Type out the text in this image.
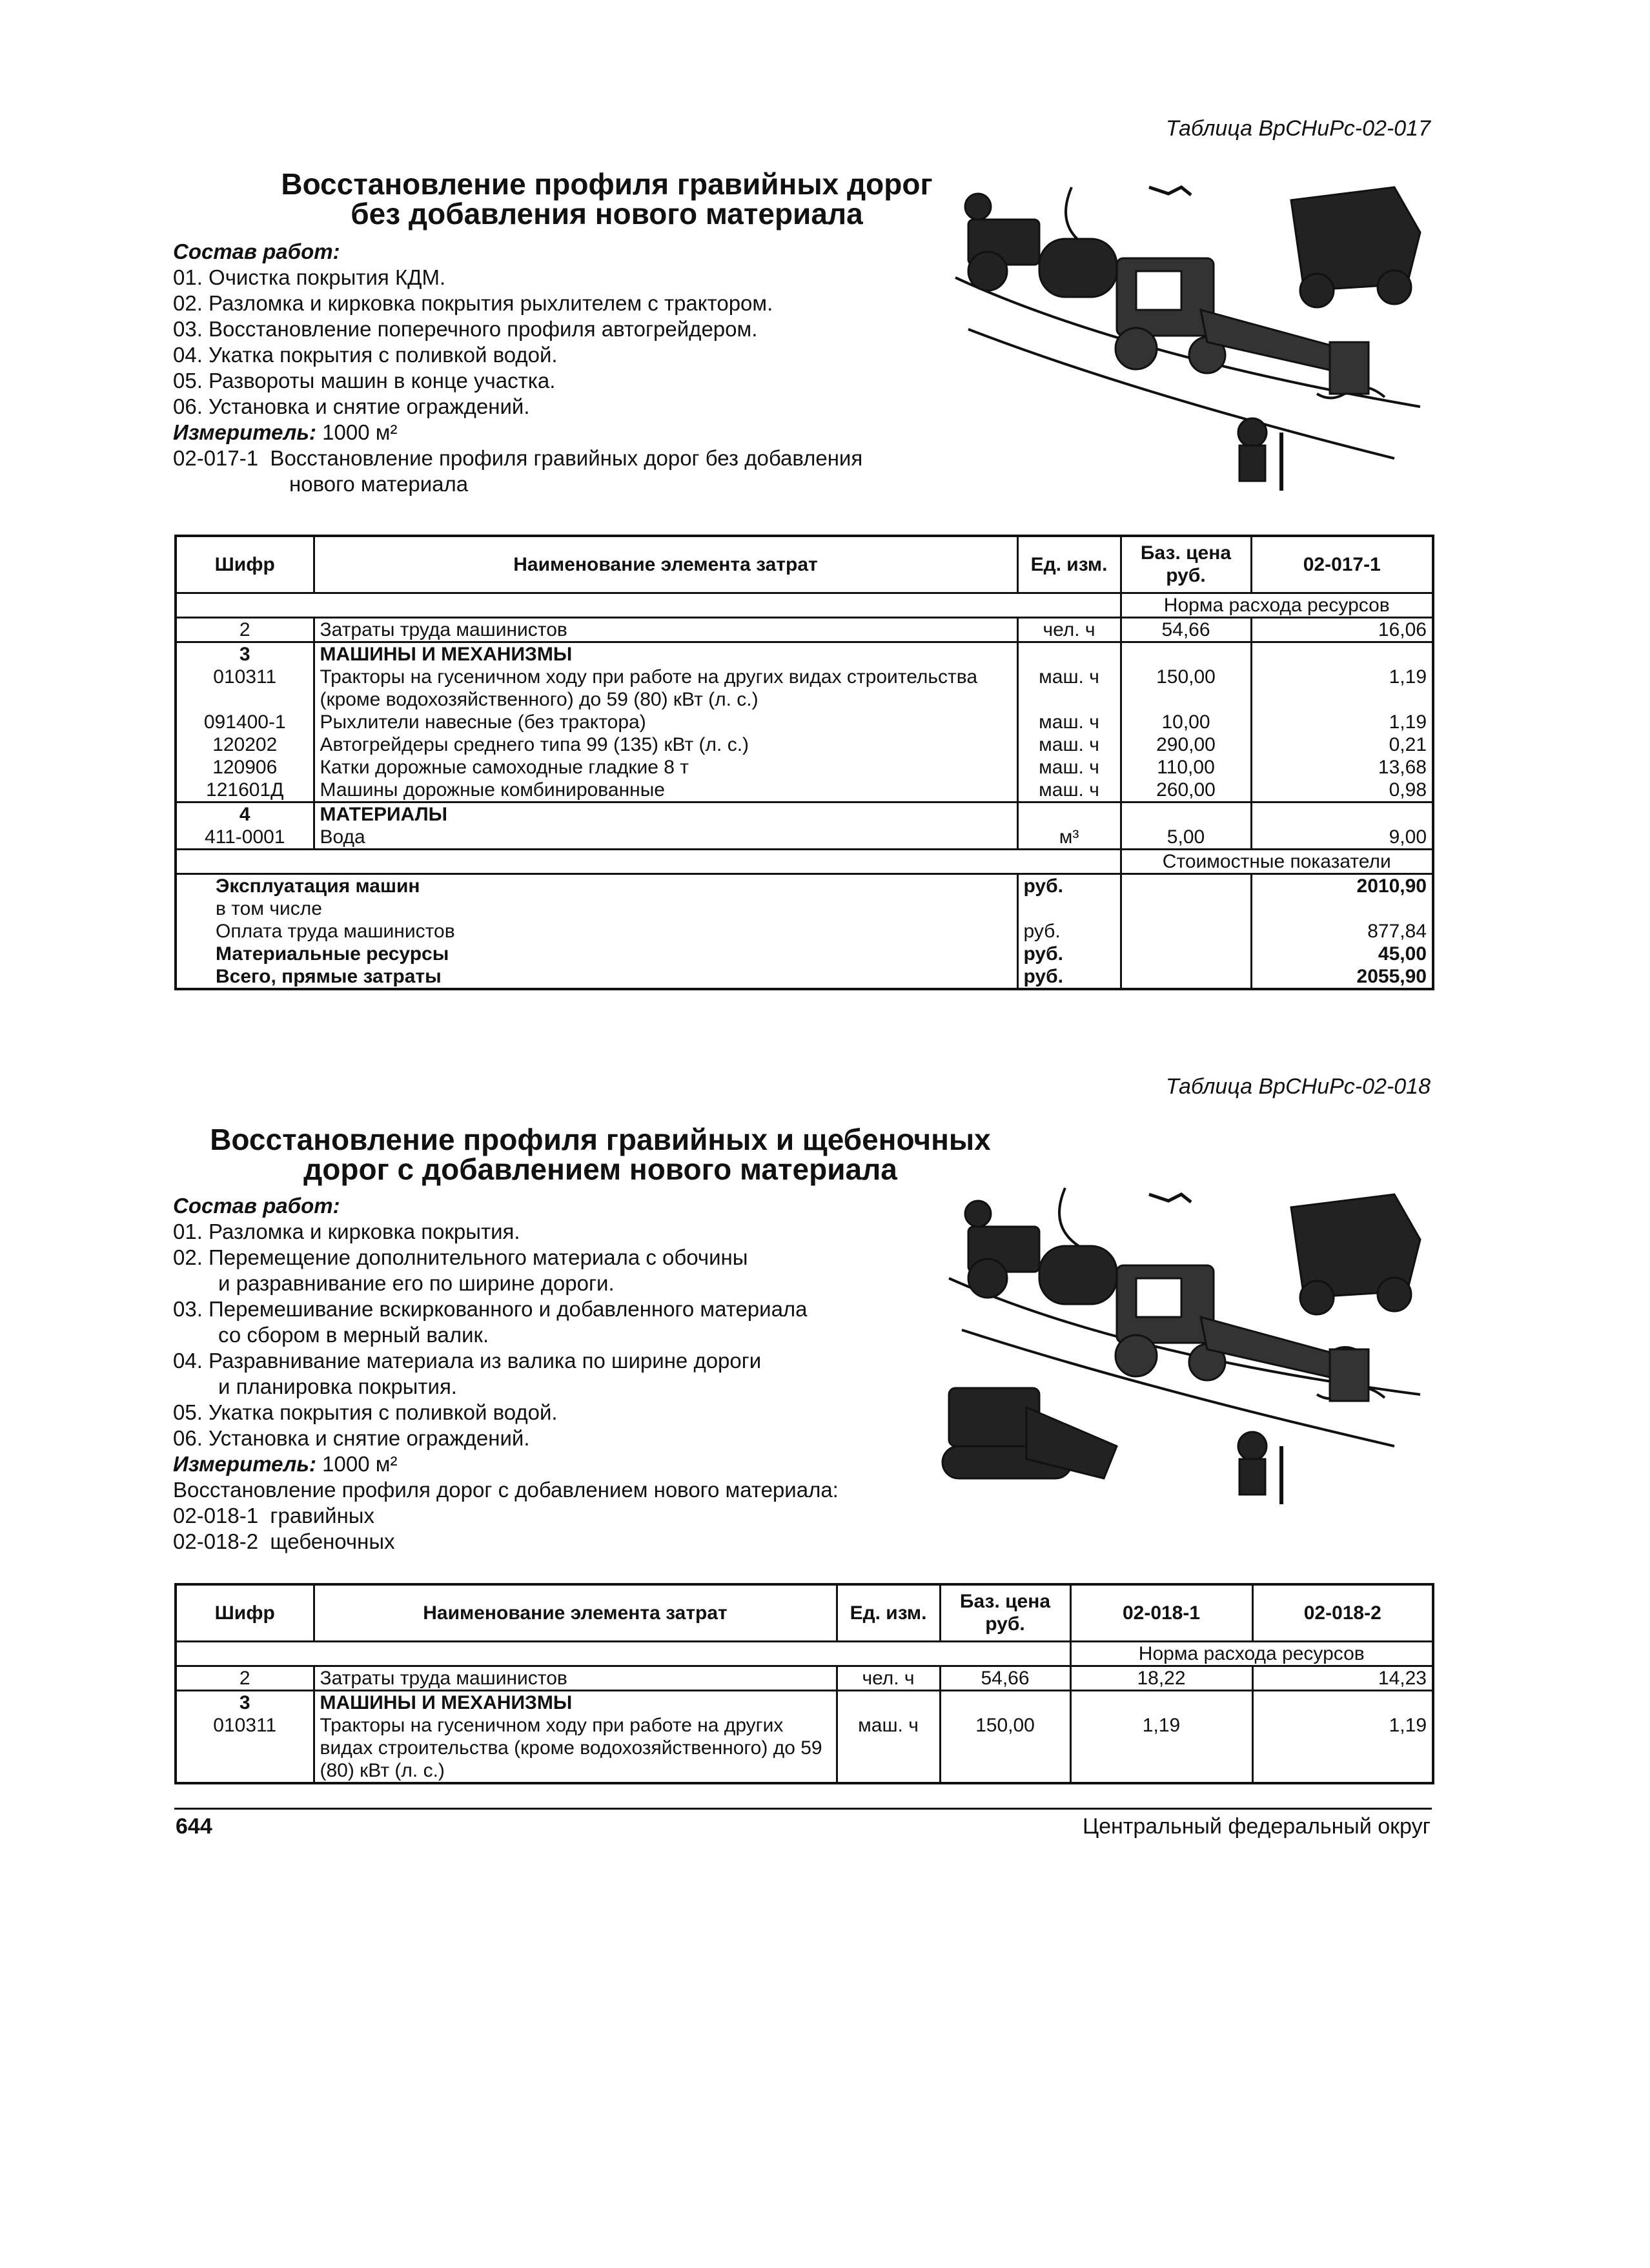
Таблица ВрСНиРс-02-017
Восстановление профиля гравийных дорог
без добавления нового материала
Состав работ:
01. Очистка покрытия КДМ.
02. Разломка и кирковка покрытия рыхлителем с трактором.
03. Восстановление поперечного профиля автогрейдером.
04. Укатка покрытия с поливкой водой.
05. Развороты машин в конце участка.
06. Установка и снятие ограждений.
Измеритель: 1000 м²
02-017-1  Восстановление профиля гравийных дорог без добавления
нового материала
Шифр	Наименование элемента затрат	Ед. изм.	Баз. цена руб.	02-017-1
			Норма расхода ресурсов	
2	Затраты труда машинистов	чел. ч	54,66	16,06
3	МАШИНЫ И МЕХАНИЗМЫ			
010311	Тракторы на гусеничном ходу при работе на других видах строительства (кроме водохозяйственного) до 59 (80) кВт (л. с.)	маш. ч	150,00	1,19
091400-1	Рыхлители навесные (без трактора)	маш. ч	10,00	1,19
120202	Автогрейдеры среднего типа 99 (135) кВт (л. с.)	маш. ч	290,00	0,21
120906	Катки дорожные самоходные гладкие 8 т	маш. ч	110,00	13,68
121601Д	Машины дорожные комбинированные	маш. ч	260,00	0,98
4	МАТЕРИАЛЫ			
411-0001	Вода	м³	5,00	9,00
			Стоимостные показатели	
Эксплуатация машин		руб.		2010,90
в том числе				
Оплата труда машинистов		руб.		877,84
Материальные ресурсы		руб.		45,00
Всего, прямые затраты		руб.		2055,90
Таблица ВрСНиРс-02-018
Восстановление профиля гравийных и щебеночных
дорог с добавлением нового материала
Состав работ:
01. Разломка и кирковка покрытия.
02. Перемещение дополнительного материала с обочины
и разравнивание его по ширине дороги.
03. Перемешивание вскиркованного и добавленного материала
со сбором в мерный валик.
04. Разравнивание материала из валика по ширине дороги
и планировка покрытия.
05. Укатка покрытия с поливкой водой.
06. Установка и снятие ограждений.
Измеритель: 1000 м²
Восстановление профиля дорог с добавлением нового материала:
02-018-1  гравийных
02-018-2  щебеночных
Шифр	Наименование элемента затрат	Ед. изм.	Баз. цена руб.	02-018-1	02-018-2
				Норма расхода ресурсов	
2	Затраты труда машинистов	чел. ч	54,66	18,22	14,23
3	МАШИНЫ И МЕХАНИЗМЫ				
010311	Тракторы на гусеничном ходу при работе на других видах строительства (кроме водохозяйственного) до 59 (80) кВт (л. с.)	маш. ч	150,00	1,19	1,19
644	Центральный федеральный округ
